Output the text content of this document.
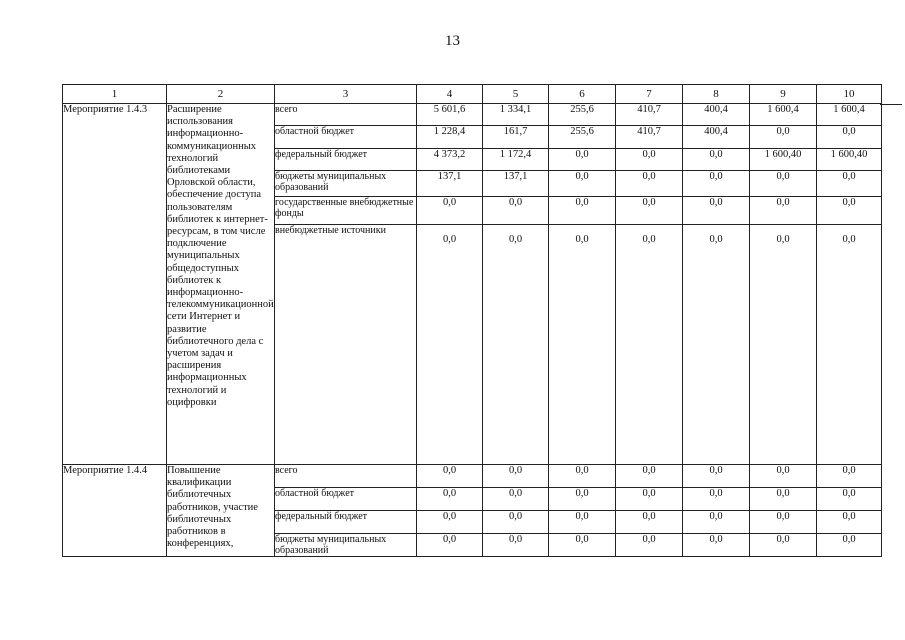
13
1	2	3	4	5	6	7	8	9	10
Мероприятие 1.4.3	Расширение использования информационно-коммуникационных технологий библиотеками Орловской области, обеспечение доступа пользователям библиотек к интернет-ресурсам, в том числе подключение муниципальных общедоступных библиотек к информационно-телекоммуникационной сети Интернет и развитие библиотечного дела с учетом задач и расширения информационных технологий и оцифровки	всего	5 601,6	1 334,1	255,6	410,7	400,4	1 600,4	1 600,4
		областной бюджет	1 228,4	161,7	255,6	410,7	400,4	0,0	0,0
		федеральный бюджет	4 373,2	1 172,4	0,0	0,0	0,0	1 600,40	1 600,40
		бюджеты муниципальных образований	137,1	137,1	0,0	0,0	0,0	0,0	0,0
		государственные внебюджетные фонды	0,0	0,0	0,0	0,0	0,0	0,0	0,0
		внебюджетные источники	0,0	0,0	0,0	0,0	0,0	0,0	0,0
Мероприятие 1.4.4	Повышение квалификации библиотечных работников, участие библиотечных работников в конференциях,	всего	0,0	0,0	0,0	0,0	0,0	0,0	0,0
		областной бюджет	0,0	0,0	0,0	0,0	0,0	0,0	0,0
		федеральный бюджет	0,0	0,0	0,0	0,0	0,0	0,0	0,0
		бюджеты муниципальных образований	0,0	0,0	0,0	0,0	0,0	0,0	0,0
